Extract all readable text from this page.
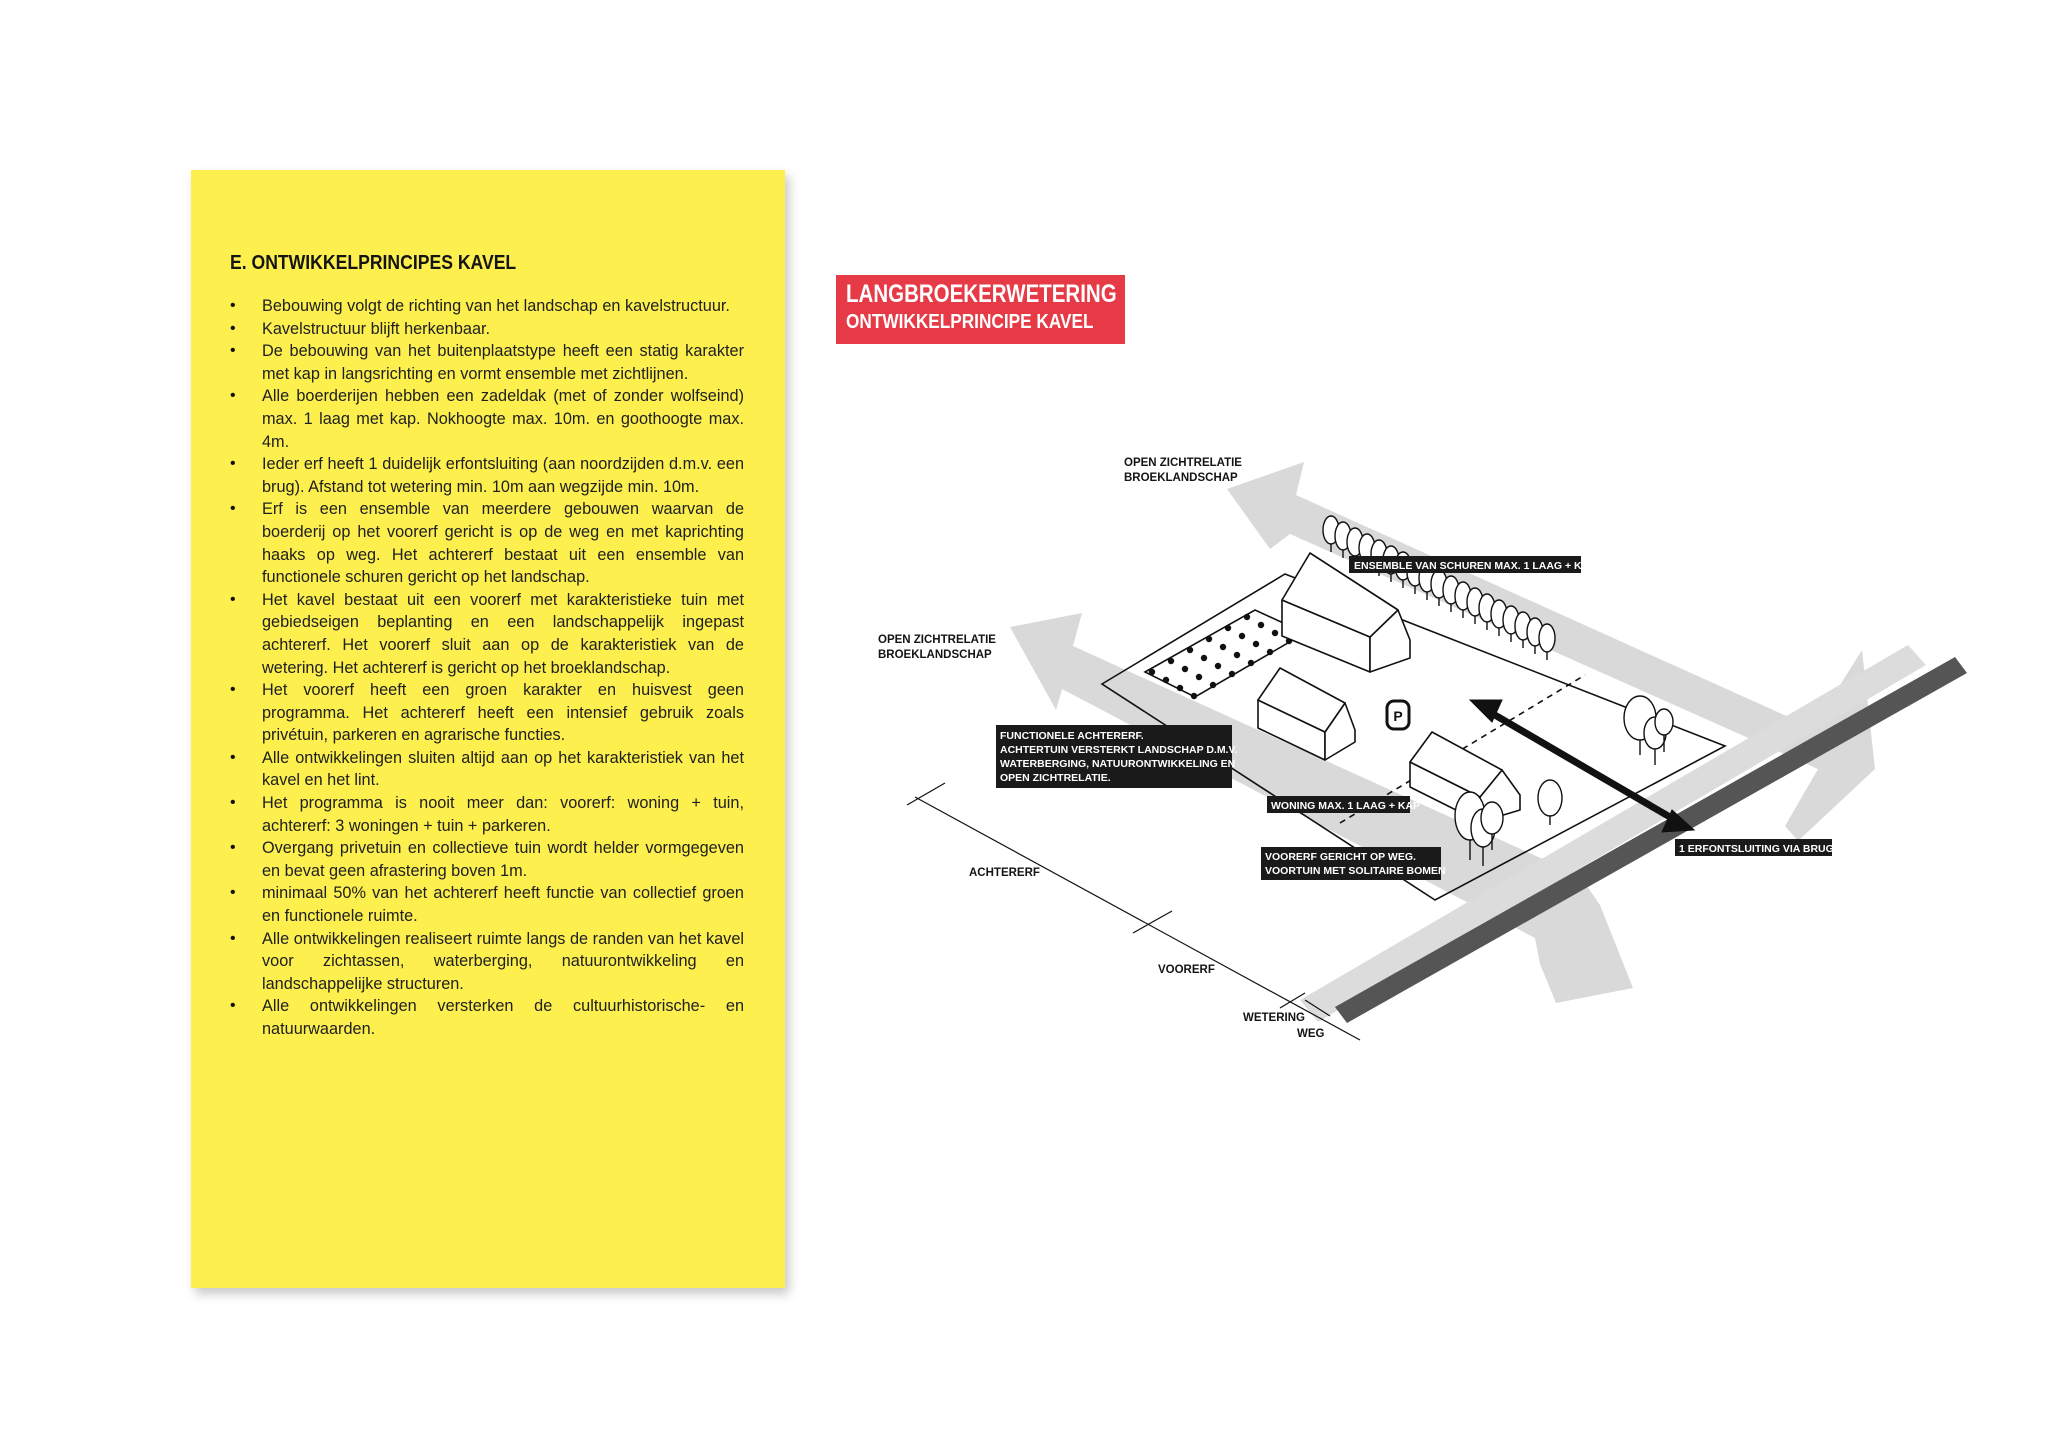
E. ONTWIKKELPRINCIPES KAVEL
• Bebouwing volgt de richting van het landschap en kavelstructuur.
• Kavelstructuur blijft herkenbaar.
• De bebouwing van het buitenplaatstype heeft een statig karakter met kap in langsrichting en vormt ensemble met zichtlijnen.
• Alle boerderijen hebben een zadeldak (met of zonder wolfseind) max. 1 laag met kap. Nokhoogte max. 10m. en goothoogte max. 4m.
• Ieder erf heeft 1 duidelijk erfontsluiting (aan noordzijden d.m.v. een brug). Afstand tot wetering min. 10m aan wegzijde min. 10m.
• Erf is een ensemble van meerdere gebouwen waarvan de boerderij op het voorerf gericht is op de weg en met kaprichting haaks op weg. Het achtererf bestaat uit een ensemble van functionele schuren gericht op het landschap.
• Het kavel bestaat uit een voorerf met karakteristieke tuin met gebiedseigen beplanting en een landschappelijk ingepast achtererf. Het voorerf sluit aan op de karakteristiek van de wetering. Het achtererf is gericht op het broeklandschap.
• Het voorerf heeft een groen karakter en huisvest geen programma. Het achtererf heeft een intensief gebruik zoals privétuin, parkeren en agrarische functies.
• Alle ontwikkelingen sluiten altijd aan op het karakteristiek van het kavel en het lint.
• Het programma is nooit meer dan: voorerf: woning + tuin, achtererf: 3 woningen + tuin + parkeren.
• Overgang privetuin en collectieve tuin wordt helder vormgegeven en bevat geen afrastering boven 1m.
• minimaal 50% van het achtererf heeft functie van collectief groen en functionele ruimte.
• Alle ontwikkelingen realiseert ruimte langs de randen van het kavel voor zichtassen, waterberging, natuurontwikkeling en landschappelijke structuren.
• Alle ontwikkelingen versterken de cultuurhistorische- en natuurwaarden.
LANGBROEKERWETERING
ONTWIKKELPRINCIPE KAVEL
P
OPEN ZICHTRELATIE
BROEKLANDSCHAP
OPEN ZICHTRELATIE
BROEKLANDSCHAP
ACHTERERF
VOORERF
WETERING
WEG
ENSEMBLE VAN SCHUREN MAX. 1 LAAG + KAP
FUNCTIONELE ACHTERERF.
ACHTERTUIN VERSTERKT LANDSCHAP D.M.V.
WATERBERGING, NATUURONTWIKKELING EN
OPEN ZICHTRELATIE.
WONING MAX. 1 LAAG + KAP
VOORERF GERICHT OP WEG.
VOORTUIN MET SOLITAIRE BOMEN
1 ERFONTSLUITING VIA BRUG
